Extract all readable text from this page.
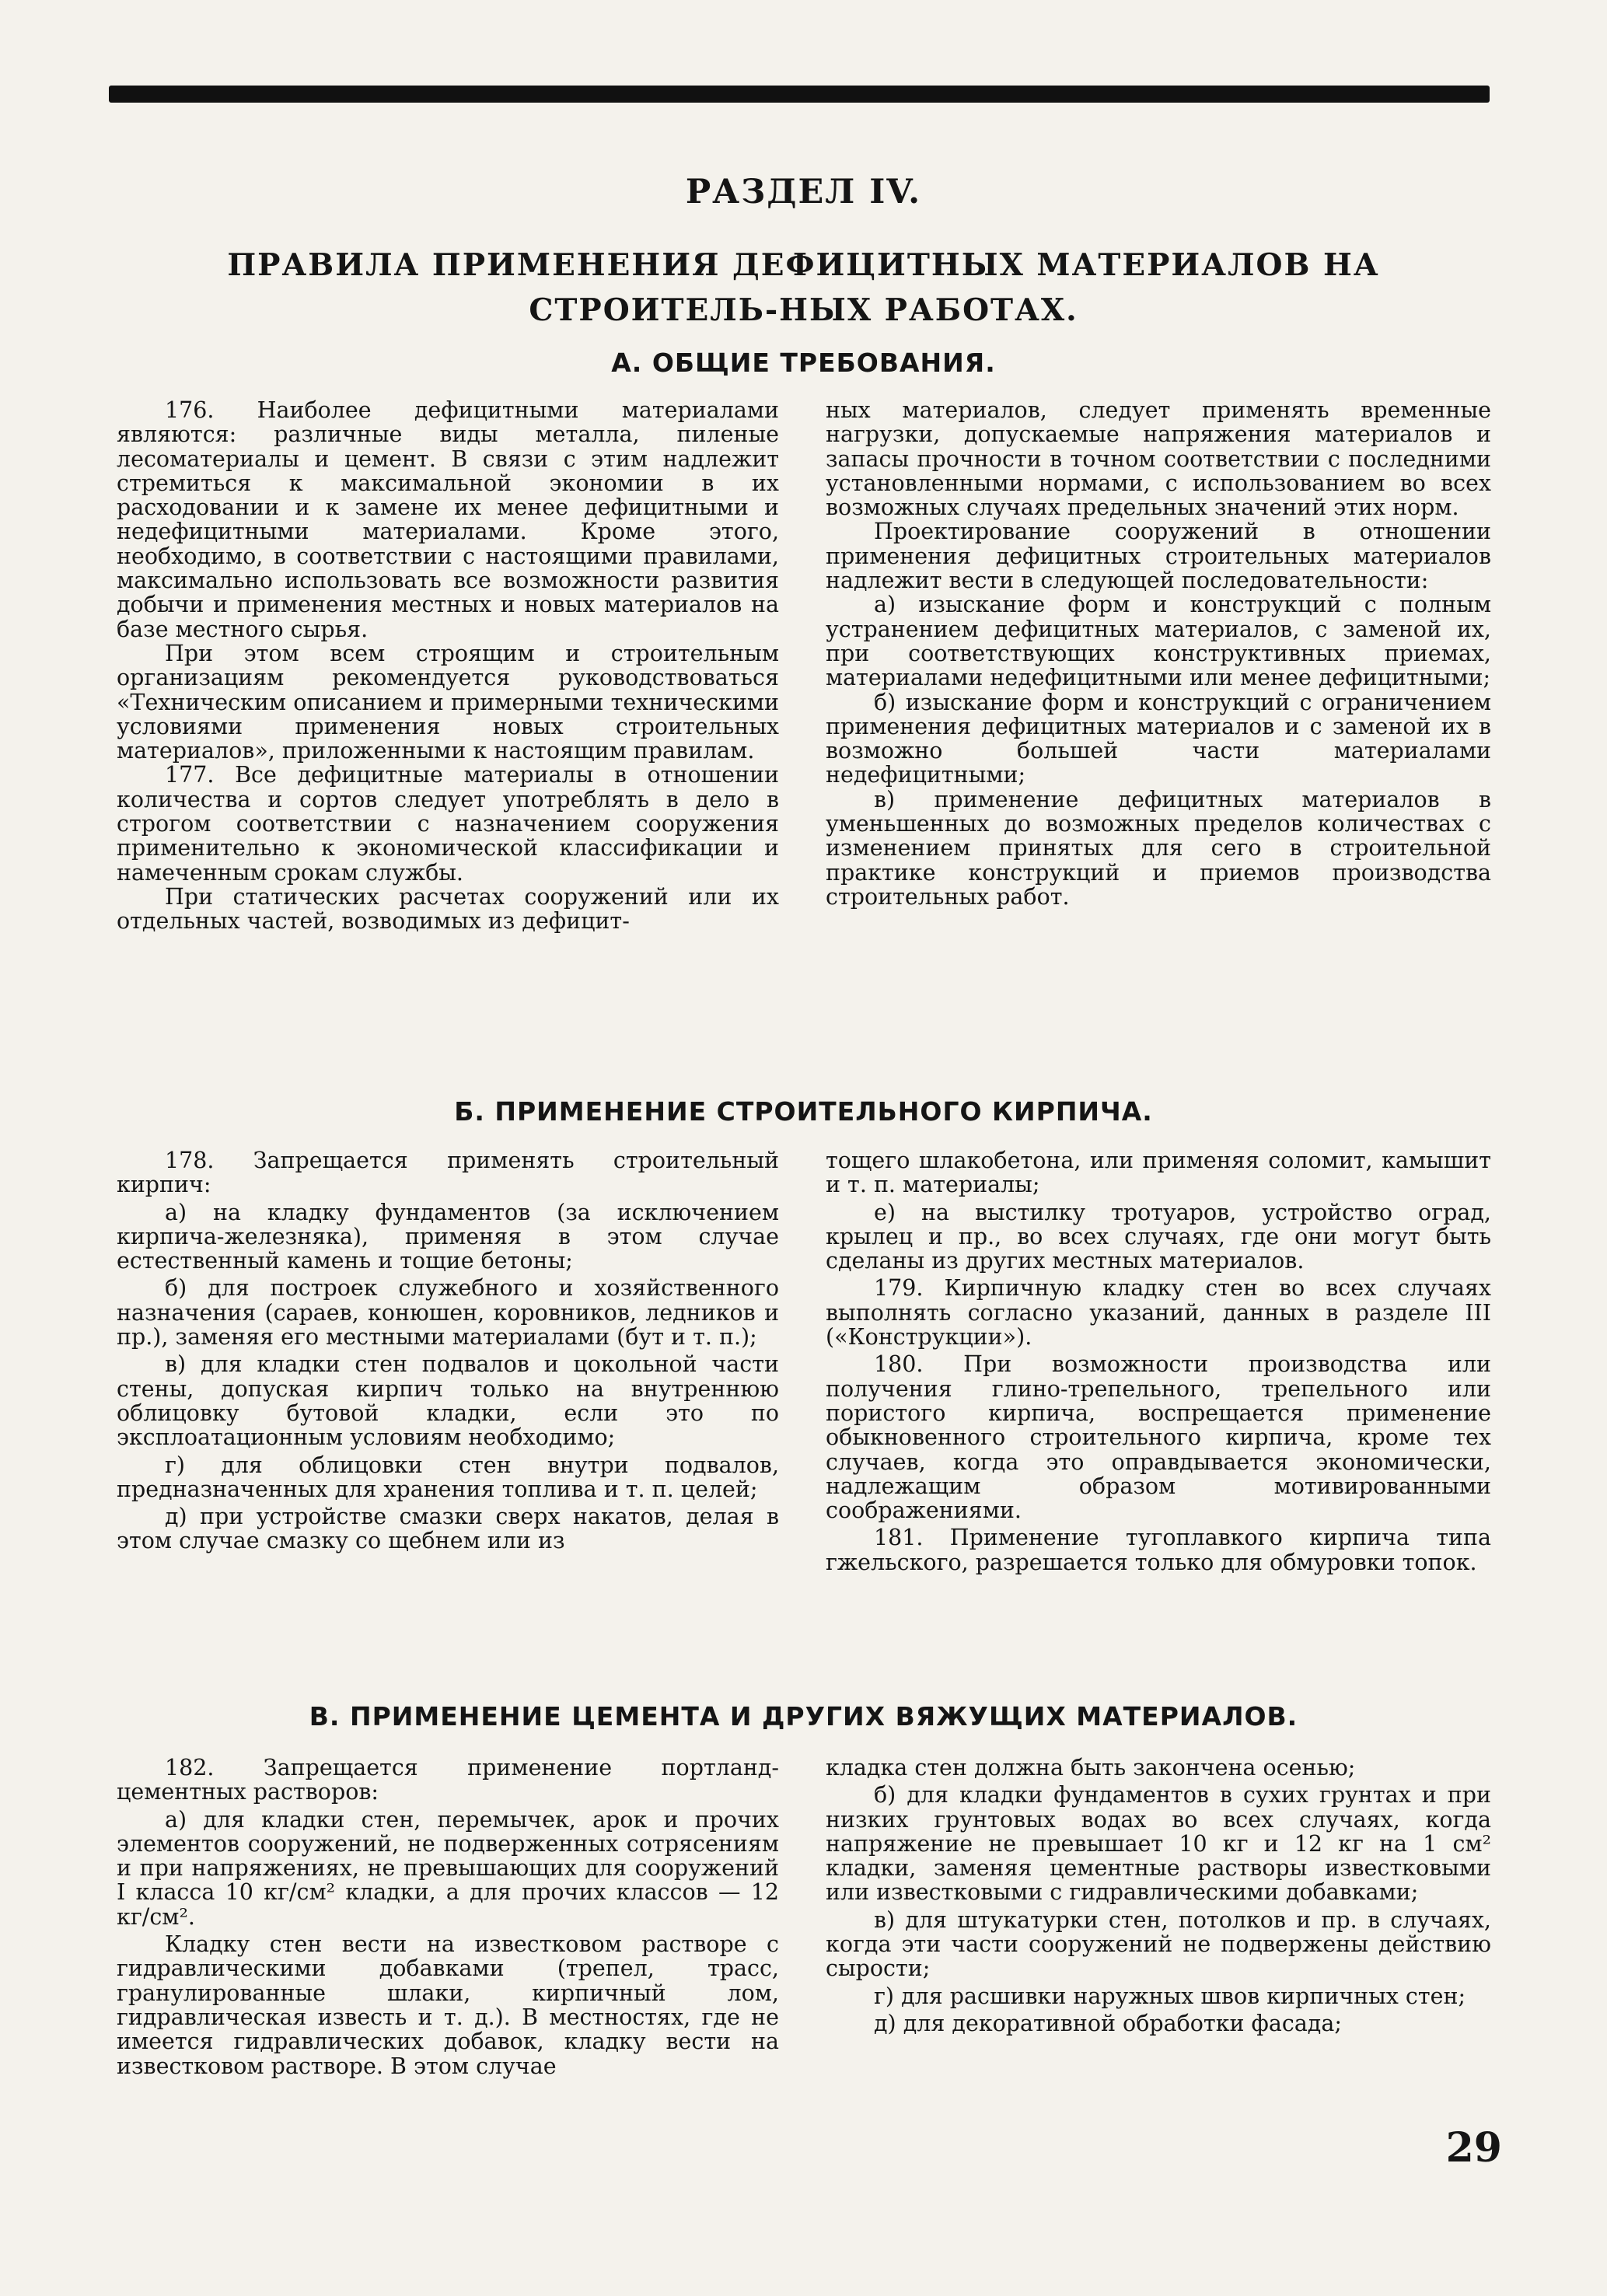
РАЗДЕЛ IV.
ПРАВИЛА ПРИМЕНЕНИЯ ДЕФИЦИТНЫХ МАТЕРИАЛОВ НА СТРОИТЕЛЬ-НЫХ РАБОТАХ.
А. ОБЩИЕ ТРЕБОВАНИЯ.

176. Наиболее дефицитными материалами являются: различные виды металла, пиленые лесоматериалы и цемент. В связи с этим надлежит стремиться к максимальной экономии в их расходовании и к замене их менее дефицитными и недефицитными материалами. Кроме этого, необходимо, в соответствии с настоящими правилами, максимально использовать все возможности развития добычи и применения местных и новых материалов на базе местного сырья.

При этом всем строящим и строительным организациям рекомендуется руководствоваться «Техническим описанием и примерными техническими условиями применения новых строительных материалов», приложенными к настоящим правилам.

177. Все дефицитные материалы в отношении количества и сортов следует употреблять в дело в строгом соответствии с назначением сооружения применительно к экономической классификации и намеченным срокам службы.

При статических расчетах сооружений или их отдельных частей, возводимых из дефицит-

ных материалов, следует применять временные нагрузки, допускаемые напряжения материалов и запасы прочности в точном соответствии с последними установленными нормами, с использованием во всех возможных случаях предельных значений этих норм.

Проектирование сооружений в отношении применения дефицитных строительных материалов надлежит вести в следующей последовательности:

а) изыскание форм и конструкций с полным устранением дефицитных материалов, с заменой их, при соответствующих конструктивных приемах, материалами недефицитными или менее дефицитными;

б) изыскание форм и конструкций с ограничением применения дефицитных материалов и с заменой их в возможно большей части материалами недефицитными;

в) применение дефицитных материалов в уменьшенных до возможных пределов количествах с изменением принятых для сего в строительной практике конструкций и приемов производства строительных работ.

Б. ПРИМЕНЕНИЕ СТРОИТЕЛЬНОГО КИРПИЧА.

178. Запрещается применять строительный кирпич:

а) на кладку фундаментов (за исключением кирпича-железняка), применяя в этом случае естественный камень и тощие бетоны;

б) для построек служебного и хозяйственного назначения (сараев, конюшен, коровников, ледников и пр.), заменяя его местными материалами (бут и т. п.);

в) для кладки стен подвалов и цокольной части стены, допуская кирпич только на внутреннюю облицовку бутовой кладки, если это по эксплоатационным условиям необходимо;

г) для облицовки стен внутри подвалов, предназначенных для хранения топлива и т. п. целей;

д) при устройстве смазки сверх накатов, делая в этом случае смазку со щебнем или из

тощего шлакобетона, или применяя соломит, камышит и т. п. материалы;

е) на выстилку тротуаров, устройство оград, крылец и пр., во всех случаях, где они могут быть сделаны из других местных материалов.

179. Кирпичную кладку стен во всех случаях выполнять согласно указаний, данных в разделе III («Конструкции»).

180. При возможности производства или получения глино-трепельного, трепельного или пористого кирпича, воспрещается применение обыкновенного строительного кирпича, кроме тех случаев, когда это оправдывается экономически, надлежащим образом мотивированными соображениями.

181. Применение тугоплавкого кирпича типа гжельского, разрешается только для обмуровки топок.

В. ПРИМЕНЕНИЕ ЦЕМЕНТА И ДРУГИХ ВЯЖУЩИХ МАТЕРИАЛОВ.

182. Запрещается применение портланд-цементных растворов:

а) для кладки стен, перемычек, арок и прочих элементов сооружений, не подверженных сотрясениям и при напряжениях, не превышающих для сооружений I класса 10 кг/см² кладки, а для прочих классов — 12 кг/см².

Кладку стен вести на известковом растворе с гидравлическими добавками (трепел, трасс, гранулированные шлаки, кирпичный лом, гидравлическая известь и т. д.). В местностях, где не имеется гидравлических добавок, кладку вести на известковом растворе. В этом случае

кладка стен должна быть закончена осенью;

б) для кладки фундаментов в сухих грунтах и при низких грунтовых водах во всех случаях, когда напряжение не превышает 10 кг и 12 кг на 1 см² кладки, заменяя цементные растворы известковыми или известковыми с гидравлическими добавками;

в) для штукатурки стен, потолков и пр. в случаях, когда эти части сооружений не подвержены действию сырости;

г) для расшивки наружных швов кирпичных стен;

д) для декоративной обработки фасада;

29
